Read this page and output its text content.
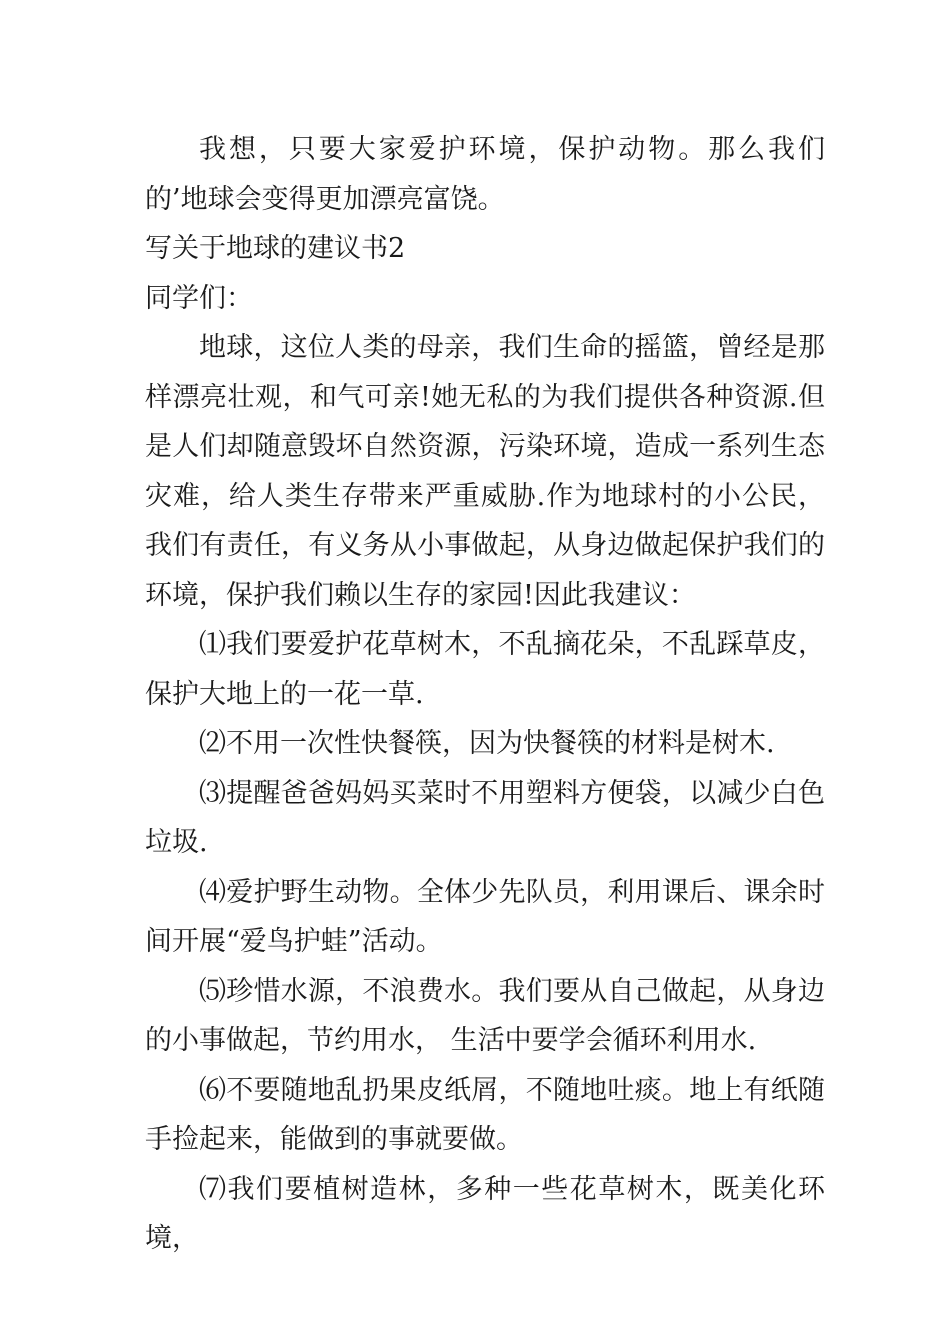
我想，只要大家爱护环境，保护动物。那么我们的’地球会变得更加漂亮富饶。

写关于地球的建议书2

同学们：

地球，这位人类的母亲，我们生命的摇篮，曾经是那样漂亮壮观，和气可亲!她无私的为我们提供各种资源.但是人们却随意毁坏自然资源，污染环境，造成一系列生态灾难，给人类生存带来严重威胁.作为地球村的小公民，我们有责任，有义务从小事做起，从身边做起保护我们的环境，保护我们赖以生存的家园!因此我建议：

⑴我们要爱护花草树木，不乱摘花朵，不乱踩草皮，保护大地上的一花一草.

⑵不用一次性快餐筷，因为快餐筷的材料是树木.

⑶提醒爸爸妈妈买菜时不用塑料方便袋，以减少白色垃圾.

⑷爱护野生动物。全体少先队员，利用课后、课余时间开展“爱鸟护蛙”活动。

⑸珍惜水源，不浪费水。我们要从自己做起，从身边的小事做起，节约用水， 生活中要学会循环利用水.

⑹不要随地乱扔果皮纸屑，不随地吐痰。地上有纸随手捡起来，能做到的事就要做。

⑺我们要植树造林，多种一些花草树木，既美化环境，
